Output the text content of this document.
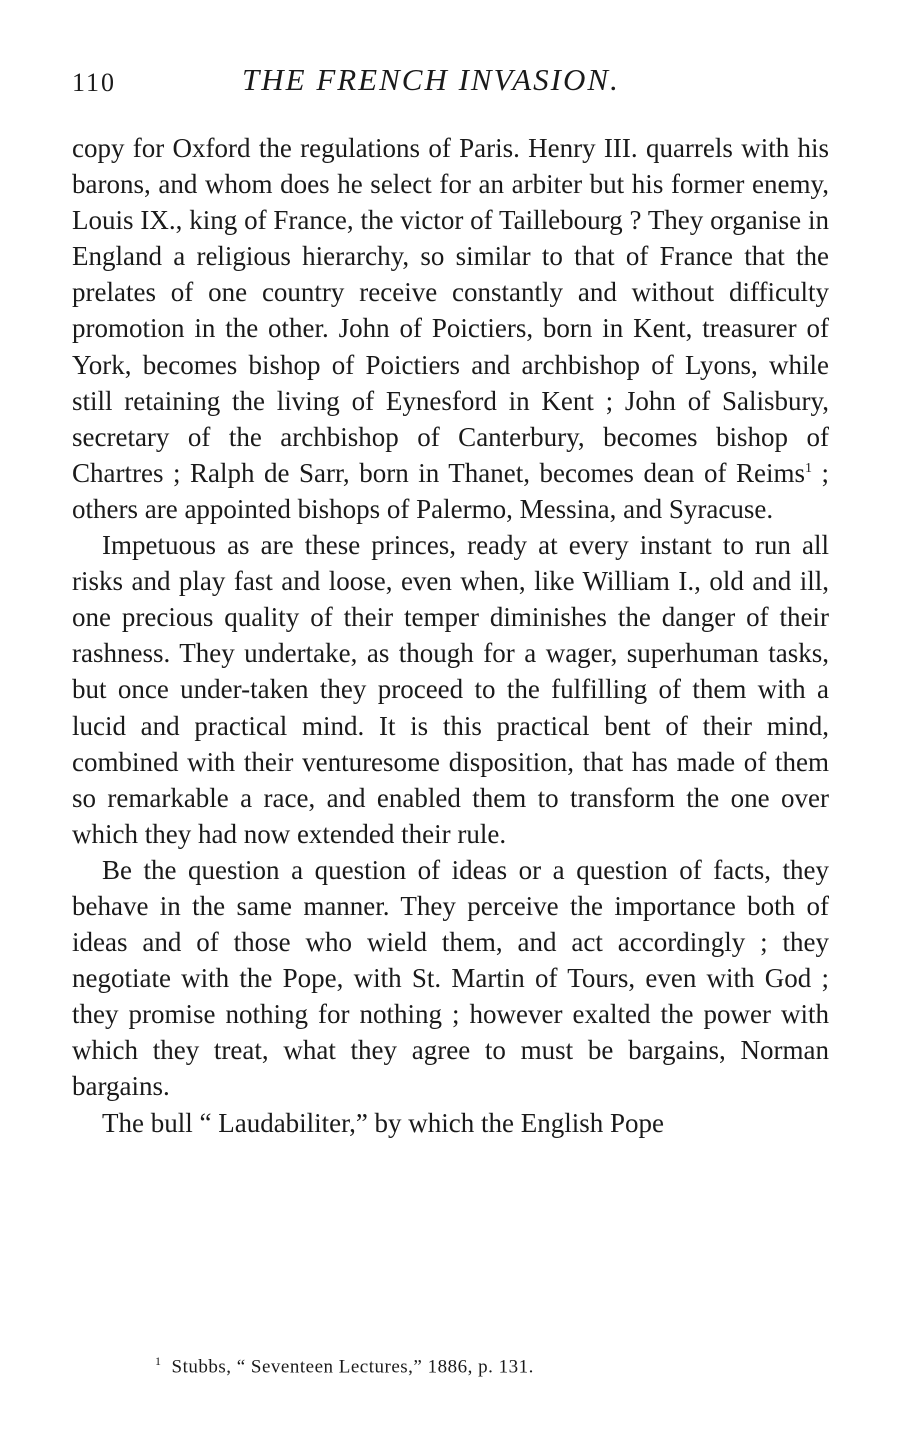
110	THE FRENCH INVASION.

copy for Oxford the regulations of Paris. Henry III. quarrels with his barons, and whom does he select for an arbiter but his former enemy, Louis IX., king of France, the victor of Taillebourg ? They organise in England a religious hierarchy, so similar to that of France that the prelates of one country receive constantly and without difficulty promotion in the other. John of Poictiers, born in Kent, treasurer of York, becomes bishop of Poictiers and archbishop of Lyons, while still retaining the living of Eynesford in Kent ; John of Salisbury, secretary of the archbishop of Canterbury, becomes bishop of Chartres ; Ralph de Sarr, born in Thanet, becomes dean of Reims$^1$ ; others are appointed bishops of Palermo, Messina, and Syracuse.

Impetuous as are these princes, ready at every instant to run all risks and play fast and loose, even when, like William I., old and ill, one precious quality of their temper diminishes the danger of their rashness. They undertake, as though for a wager, superhuman tasks, but once under-taken they proceed to the fulfilling of them with a lucid and practical mind. It is this practical bent of their mind, combined with their venturesome disposition, that has made of them so remarkable a race, and enabled them to transform the one over which they had now extended their rule.

Be the question a question of ideas or a question of facts, they behave in the same manner. They perceive the importance both of ideas and of those who wield them, and act accordingly ; they negotiate with the Pope, with St. Martin of Tours, even with God ; they promise nothing for nothing ; however exalted the power with which they treat, what they agree to must be bargains, Norman bargains.

The bull “ Laudabiliter,” by which the English Pope

$^1$ Stubbs, “ Seventeen Lectures,” 1886, p. 131.
